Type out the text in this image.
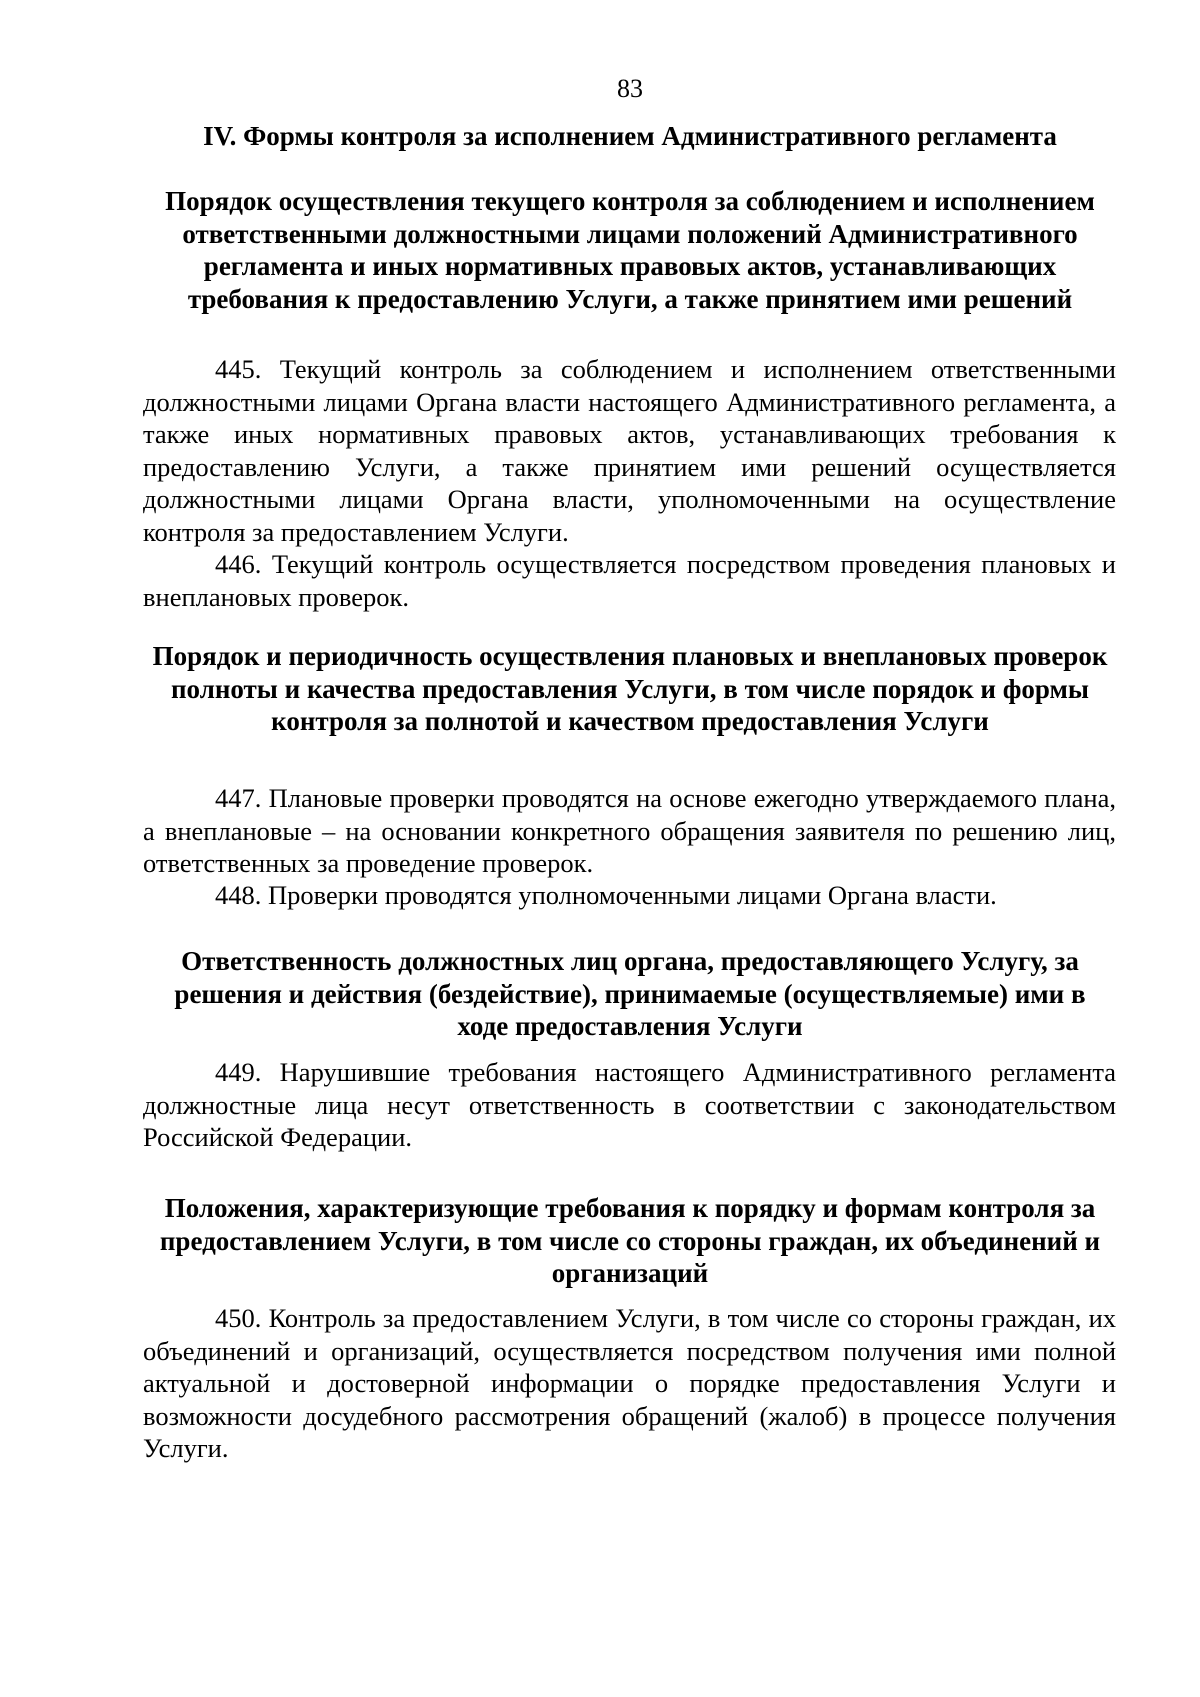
83
IV. Формы контроля за исполнением Административного регламента

Порядок осуществления текущего контроля за соблюдением и исполнением ответственными должностными лицами положений Административного регламента и иных нормативных правовых актов, устанавливающих требования к предоставлению Услуги, а также принятием ими решений

445. Текущий контроль за соблюдением и исполнением ответственными должностными лицами Органа власти настоящего Административного регламента, а также иных нормативных правовых актов, устанавливающих требования к предоставлению Услуги, а также принятием ими решений осуществляется должностными лицами Органа власти, уполномоченными на осуществление контроля за предоставлением Услуги.

446. Текущий контроль осуществляется посредством проведения плановых и внеплановых проверок.

Порядок и периодичность осуществления плановых и внеплановых проверок полноты и качества предоставления Услуги, в том числе порядок и формы контроля за полнотой и качеством предоставления Услуги

447. Плановые проверки проводятся на основе ежегодно утверждаемого плана, а внеплановые – на основании конкретного обращения заявителя по решению лиц, ответственных за проведение проверок.

448. Проверки проводятся уполномоченными лицами Органа власти.

Ответственность должностных лиц органа, предоставляющего Услугу, за решения и действия (бездействие), принимаемые (осуществляемые) ими в ходе предоставления Услуги

449. Нарушившие требования настоящего Административного регламента должностные лица несут ответственность в соответствии с законодательством Российской Федерации.

Положения, характеризующие требования к порядку и формам контроля за предоставлением Услуги, в том числе со стороны граждан, их объединений и организаций

450. Контроль за предоставлением Услуги, в том числе со стороны граждан, их объединений и организаций, осуществляется посредством получения ими полной актуальной и достоверной информации о порядке предоставления Услуги и возможности досудебного рассмотрения обращений (жалоб) в процессе получения Услуги.
